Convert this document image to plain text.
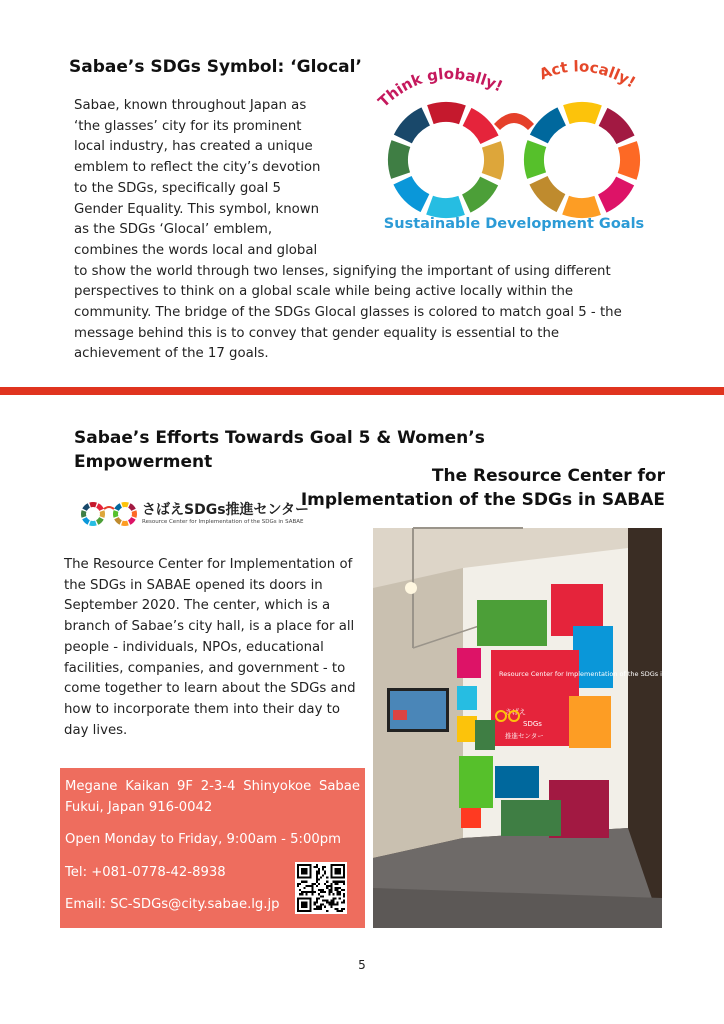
Sabae’s SDGs Symbol: ‘Glocal’
Think globally!
Act locally!
Sustainable Development Goals
Sabae, known throughout Japan as ‘the glasses’ city for its prominent local industry, has created a unique emblem to reflect the city’s devotion to the SDGs, specifically goal 5 Gender Equality. This symbol, known as the SDGs ‘Glocal’ emblem, combines the words local and global to show the world through two lenses, signifying the important of using different perspectives to think on a global scale while being active locally within the community. The bridge of the SDGs Glocal glasses is colored to match goal 5 - the message behind this is to convey that gender equality is essential to the achievement of the 17 goals.
Sabae’s Efforts Towards Goal 5 & Women’s Empowerment
The Resource Center for Implementation of the SDGs in SABAE
さばえSDGs推進センター
Resource Center for Implementation of the SDGs in SABAE
The Resource Center for Implementation of the SDGs in SABAE opened its doors in September 2020. The center, which is a branch of Sabae’s city hall, is a place for all people - individuals, NPOs, educational facilities, companies, and government - to come together to learn about the SDGs and how to incorporate them into their day to day lives.

Megane Kaikan 9F 2-3-4 Shinyokoe Sabae Fukui, Japan 916-0042

Open Monday to Friday, 9:00am - 5:00pm

Tel: +081-0778-42-8938

Email: SC-SDGs@city.sabae.lg.jp

Resource Center for Implementation of the SDGs in SABAE
さばえ
SDGs
推進センター
5
